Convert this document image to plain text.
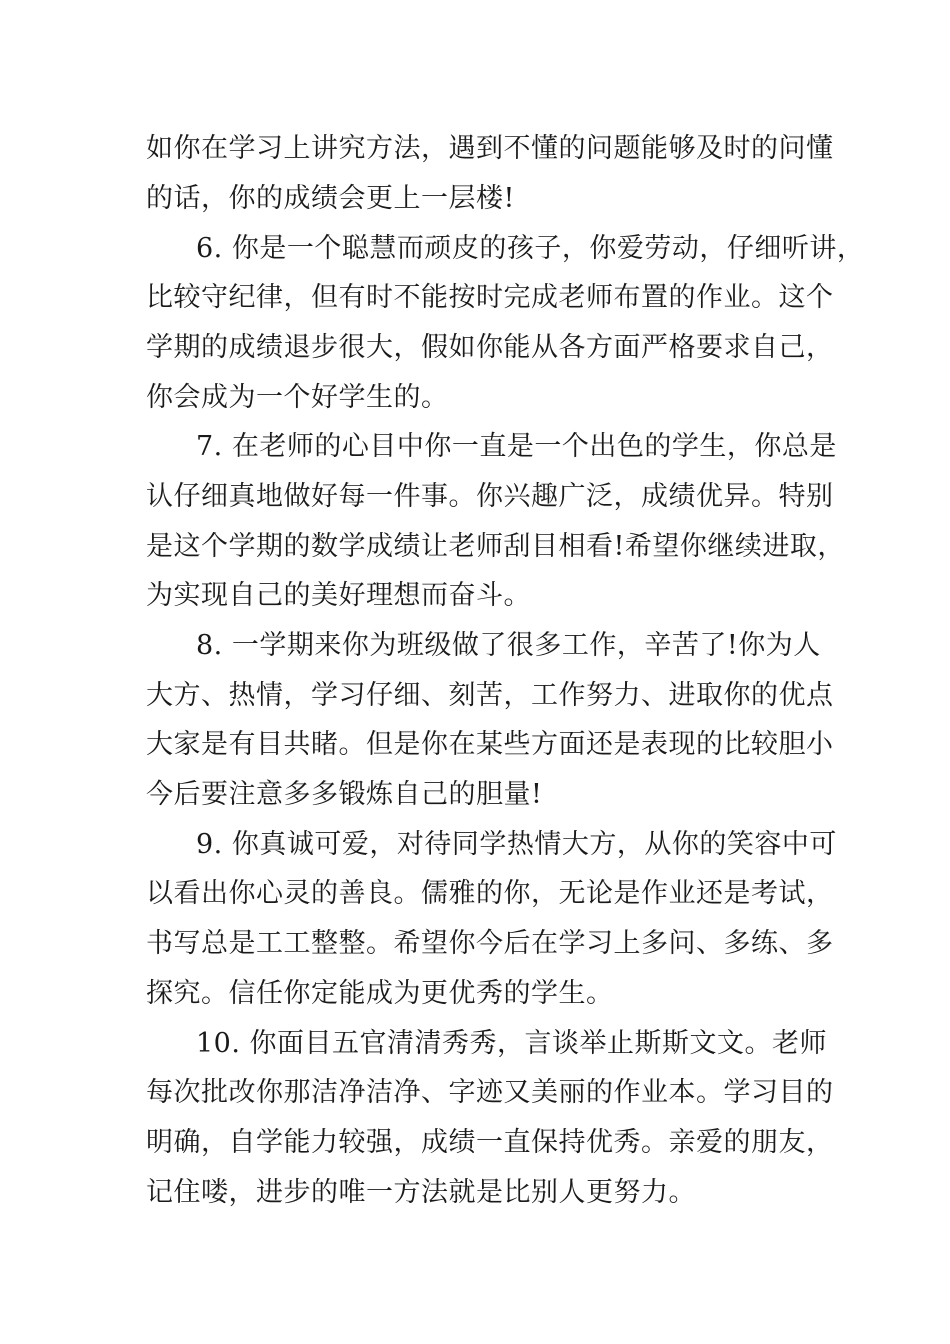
如你在学习上讲究方法，遇到不懂的问题能够及时的问懂
的话，你的成绩会更上一层楼!
6. 你是一个聪慧而顽皮的孩子，你爱劳动，仔细听讲，
比较守纪律，但有时不能按时完成老师布置的作业。这个
学期的成绩退步很大，假如你能从各方面严格要求自己，
你会成为一个好学生的。
7. 在老师的心目中你一直是一个出色的学生，你总是
认仔细真地做好每一件事。你兴趣广泛，成绩优异。特别
是这个学期的数学成绩让老师刮目相看!希望你继续进取，
为实现自己的美好理想而奋斗。
8. 一学期来你为班级做了很多工作，辛苦了!你为人
大方、热情，学习仔细、刻苦，工作努力、进取你的优点
大家是有目共睹。但是你在某些方面还是表现的比较胆小
今后要注意多多锻炼自己的胆量!
9. 你真诚可爱，对待同学热情大方，从你的笑容中可
以看出你心灵的善良。儒雅的你，无论是作业还是考试，
书写总是工工整整。希望你今后在学习上多问、多练、多
探究。信任你定能成为更优秀的学生。
10. 你面目五官清清秀秀，言谈举止斯斯文文。老师
每次批改你那洁净洁净、字迹又美丽的作业本。学习目的
明确，自学能力较强，成绩一直保持优秀。亲爱的朋友，
记住喽，进步的唯一方法就是比别人更努力。
